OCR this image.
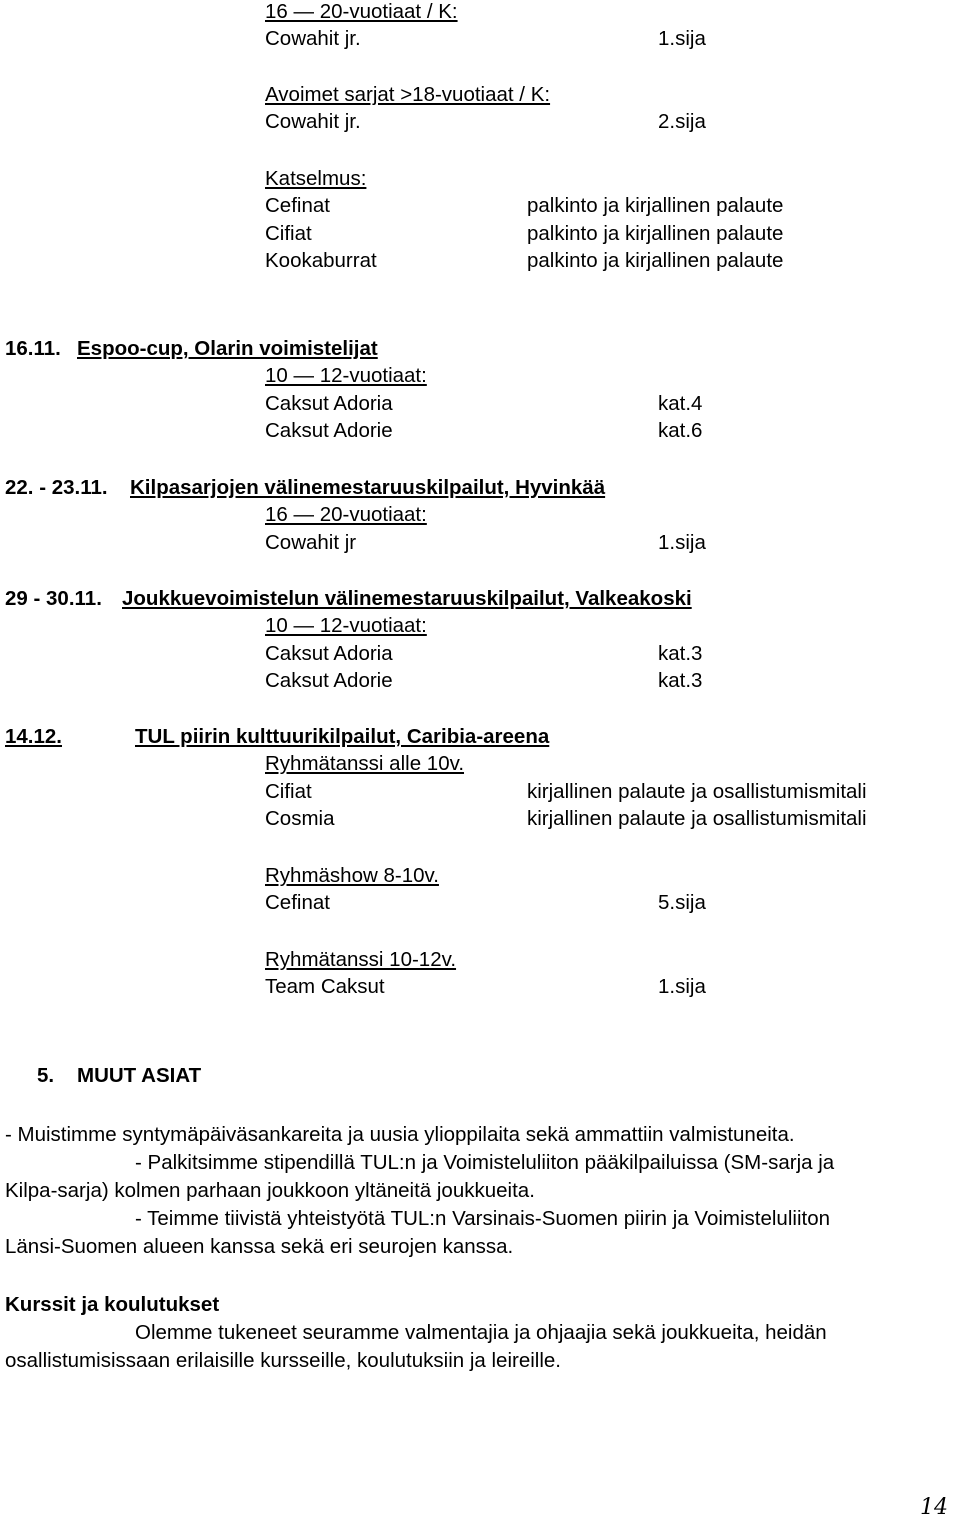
16 — 20-vuotiaat / K:
Cowahit jr.	1.sija
Avoimet sarjat >18-vuotiaat / K:
Cowahit jr.	2.sija
Katselmus:
Cefinat	palkinto ja kirjallinen palaute
Cifiat	palkinto ja kirjallinen palaute
Kookaburrat	palkinto ja kirjallinen palaute
16.11. Espoo-cup, Olarin voimistelijat
10 — 12-vuotiaat:
Caksut Adoria	kat.4
Caksut Adorie	kat.6
22. - 23.11. Kilpasarjojen välinemestaruuskilpailut, Hyvinkää
16 — 20-vuotiaat:
Cowahit jr	1.sija
29 - 30.11. Joukkuevoimistelun välinemestaruuskilpailut, Valkeakoski
10 — 12-vuotiaat:
Caksut Adoria	kat.3
Caksut Adorie	kat.3
14.12.	TUL piirin kulttuurikilpailut, Caribia-areena
Ryhmätanssi alle 10v.
Cifiat	kirjallinen palaute ja osallistumismitali
Cosmia	kirjallinen palaute ja osallistumismitali
Ryhmäshow 8-10v.
Cefinat	5.sija
Ryhmätanssi 10-12v.
Team Caksut	1.sija
5. MUUT ASIAT
- Muistimme syntymäpäiväsankareita ja uusia ylioppilaita sekä ammattiin valmistuneita.
- Palkitsimme stipendillä TUL:n ja Voimisteluliiton pääkilpailuissa (SM-sarja ja
Kilpa-sarja) kolmen parhaan joukkoon yltäneitä joukkueita.
- Teimme tiivistä yhteistyötä TUL:n Varsinais-Suomen piirin ja Voimisteluliiton
Länsi-Suomen alueen kanssa sekä eri seurojen kanssa.
Kurssit ja koulutukset
Olemme tukeneet seuramme valmentajia ja ohjaajia sekä joukkueita, heidän
osallistumisissaan erilaisille kursseille, koulutuksiin ja leireille.
14
